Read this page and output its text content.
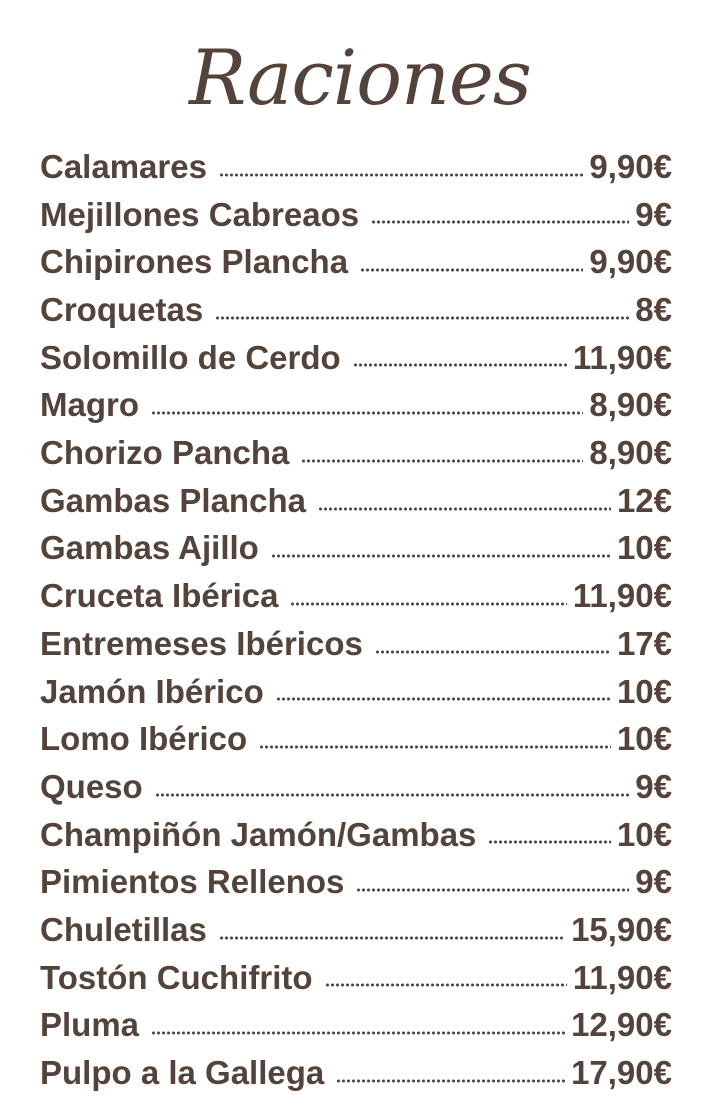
Raciones
Calamares	9,90€
Mejillones Cabreaos	9€
Chipirones Plancha	9,90€
Croquetas	8€
Solomillo de Cerdo	11,90€
Magro	8,90€
Chorizo Pancha	8,90€
Gambas Plancha	12€
Gambas Ajillo	10€
Cruceta Ibérica	11,90€
Entremeses Ibéricos	17€
Jamón Ibérico	10€
Lomo Ibérico	10€
Queso	9€
Champiñón Jamón/Gambas	10€
Pimientos Rellenos	9€
Chuletillas	15,90€
Tostón Cuchifrito	11,90€
Pluma	12,90€
Pulpo a la Gallega	17,90€
